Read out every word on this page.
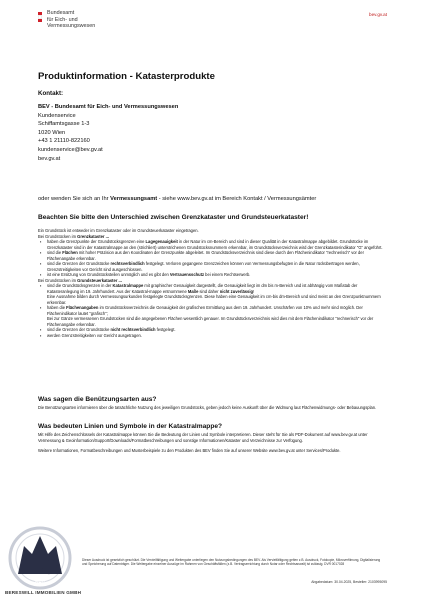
Bundesamt
für Eich- und
Vermessungswesen
bev.gv.at
Produktinformation - Katasterprodukte
Kontakt:
BEV - Bundesamt für Eich- und Vermessungswesen
Kundenservice
Schiffamtsgasse 1-3
1020 Wien
+43 1 21110-822160
kundenservice@bev.gv.at
bev.gv.at
oder wenden Sie sich an Ihr Vermessungsamt - siehe www.bev.gv.at im Bereich Kontakt / Vermessungsämter
Beachten Sie bitte den Unterschied zwischen Grenzkataster und Grundsteuerkataster!

Ein Grundstück ist entweder im Grenzkataster oder im Grundsteuerkataster eingetragen.

Bei Grundstücken im Grenzkataster ...

▪ haben die Grenzpunkte der Grundstücksgrenzen eine Lagegenauigkeit in der Natur im cm-Bereich und sind in dieser Qualität in der Katastralmappe abgebildet. Grundstücke im Grenzkataster sind in der Katastralmappe an den (strichliert) unterstrichenen Grundstücksnummern erkennbar, im Grundstücksverzeichnis wird der Grenzkatasterindikator "G" angeführt.
▪ sind die Flächen mit hoher Präzision aus den Koordinaten der Grenzpunkte abgeleitet. Im Grundstücksverzeichnis sind diese durch den Flächenindikator "rechnerisch" vor der Flächenangabe erkennbar.
▪ sind die Grenzen der Grundstücke rechtsverbindlich festgelegt. Verloren gegangene Grenzzeichen können von Vermessungsbefugten in die Natur rückübertragen werden, Grenzstreitigkeiten vor Gericht sind ausgeschlossen.
▪ ist eine Ersitzung von Grundstücksteilen unmöglich und es gibt den Vertrauensschutz bei einem Rechtserwerb.

Bei Grundstücken im Grundsteuerkataster ...

▪ sind die Grundstücksgrenzen in der Katastralmappe mit graphischer Genauigkeit dargestellt, die Genauigkeit liegt im dm bis m-Bereich und ist abhängig vom Maßstab der Katasteranlegung im 19. Jahrhundert. Aus der Katastral-mappe entnommene Maße sind daher nicht zuverlässig!
Eine Ausnahme bilden durch Vermessungsurkunden festgelegte Grundstücksgrenzen. Diese haben eine Genauigkeit im cm-bis dm-Bereich und sind meist an den Grenzpunktnummern erkennbar.
▪ haben die Flächenangaben im Grundstücksverzeichnis die Genauigkeit der grafischen Ermittlung aus dem 19. Jahrhundert. Unschärfen von 10% und mehr sind möglich. Der Flächenindikator lautet "grafisch";
Bei zur Gänze vermessenen Grundstücken sind die angegebenen Flächen wesentlich genauer. Im Grundstücksverzeichnis wird dies mit dem Flächenindikator "rechnerisch" vor der Flächenangabe erkennbar.
▪ sind die Grenzen der Grundstücke nicht rechtsverbindlich festgelegt.
▪ werden Grenzstreitigkeiten vor Gericht ausgetragen.
Was sagen die Benützungsarten aus?

Die Benützungsarten informieren über die tatsächliche Nutzung des jeweiligen Grundstücks, geben jedoch keine Auskunft über die Widmung laut Flächenwidmungs- oder Bebauungsplan.

Was bedeuten Linien und Symbole in der Katastralmappe?

Mit Hilfe des Zeichenschlüssels der Katastralmappe können Sie die Bedeutung der Linien und Symbole interpretieren. Dieser steht für Sie als PDF-Dokument auf www.bev.gv.at unter Vermessung & Geoinformation/Support/Downloads/Formatbeschreibungen und sonstige Informationen/Kataster und Verzeichnisse zur Verfügung.

Weitere Informationen, Formatbeschreibungen und Musterbeispiele zu den Produkten des BEV finden Sie auf unserer Website www.bev.gv.at unter Services/Produkte.

BEV
Dieser Ausdruck ist gesetzlich geschützt. Die Vervielfältigung und Weitergabe unterliegen den Nutzungsbedingungen des BEV. Als Vervielfältigung gelten z.B. Ausdruck, Fotokopie, Mikroverfilmung, Digitalisierung und Speicherung auf Datenträger. Die Weitergabe einzelner Auszüge im Rahmen von Geschäftsfällen (z.B. Vertragserrichtung durch Notar oder Rechtsanwalt) ist zulässig. DVR 0017028
Abgabedatum: 30.04.2025, Besteller: 2103995095
BERESWILL IMMOBILIEN GMBH
